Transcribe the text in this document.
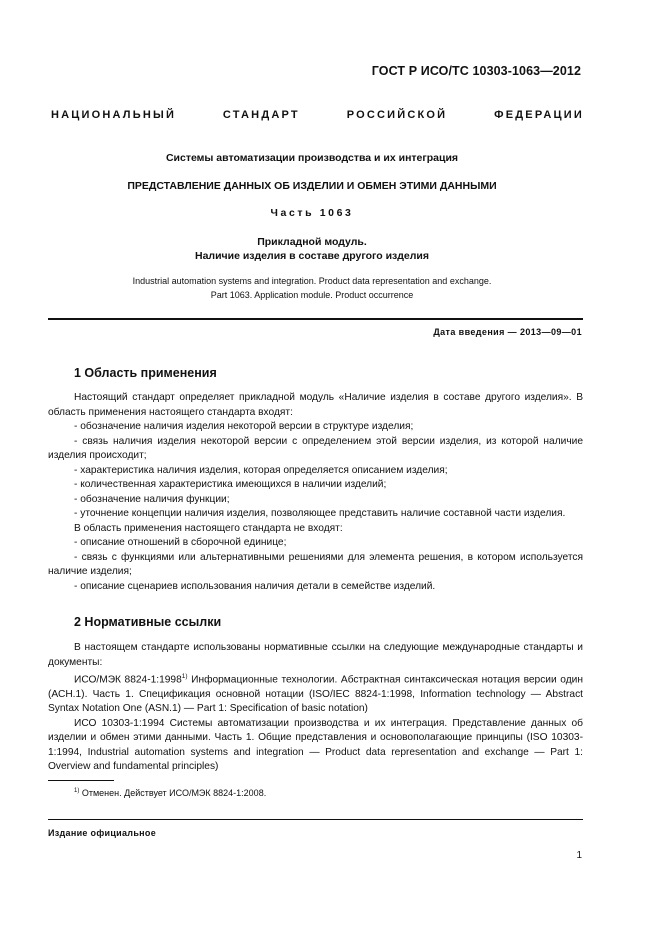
ГОСТ Р ИСО/ТС 10303-1063—2012
НАЦИОНАЛЬНЫЙ СТАНДАРТ РОССИЙСКОЙ ФЕДЕРАЦИИ
Системы автоматизации производства и их интеграция
ПРЕДСТАВЛЕНИЕ ДАННЫХ ОБ ИЗДЕЛИИ И ОБМЕН ЭТИМИ ДАННЫМИ
Часть 1063
Прикладной модуль.
Наличие изделия в составе другого изделия
Industrial automation systems and integration. Product data representation and exchange.
Part 1063. Application module. Product occurrence
Дата введения — 2013—09—01
1 Область применения

Настоящий стандарт определяет прикладной модуль «Наличие изделия в составе другого изделия». В область применения настоящего стандарта входят:

- обозначение наличия изделия некоторой версии в структуре изделия;

- связь наличия изделия некоторой версии с определением этой версии изделия, из которой наличие изделия происходит;

- характеристика наличия изделия, которая определяется описанием изделия;

- количественная характеристика имеющихся в наличии изделий;

- обозначение наличия функции;

- уточнение концепции наличия изделия, позволяющее представить наличие составной части изделия.

В область применения настоящего стандарта не входят:

- описание отношений в сборочной единице;

- связь с функциями или альтернативными решениями для элемента решения, в котором используется наличие изделия;

- описание сценариев использования наличия детали в семействе изделий.

2 Нормативные ссылки

В настоящем стандарте использованы нормативные ссылки на следующие международные стандарты и документы:

ИСО/МЭК 8824-1:1998$^{1)}$ Информационные технологии. Абстрактная синтаксическая нотация версии один (АСН.1). Часть 1. Спецификация основной нотации (ISO/IEC 8824-1:1998, Information technology — Abstract Syntax Notation One (ASN.1) — Part 1: Specification of basic notation)

ИСО 10303-1:1994 Системы автоматизации производства и их интеграция. Представление данных об изделии и обмен этими данными. Часть 1. Общие представления и основополагающие принципы (ISO 10303-1:1994, Industrial automation systems and integration — Product data representation and exchange — Part 1: Overview and fundamental principles)

$^{1)}$ Отменен. Действует ИСО/МЭК 8824-1:2008.
Издание официальное
1
